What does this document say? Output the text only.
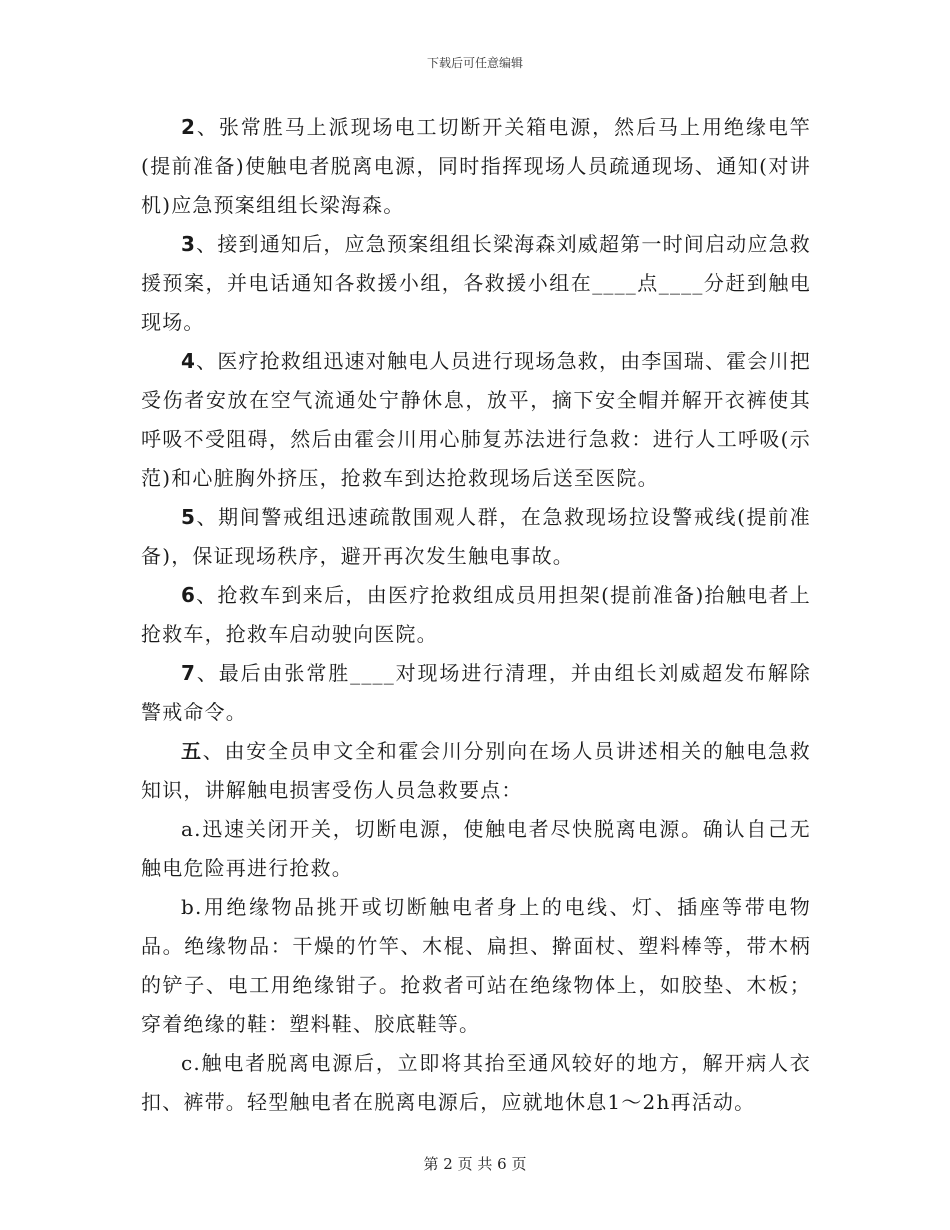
下载后可任意编辑

2、张常胜马上派现场电工切断开关箱电源，然后马上用绝缘电竿(提前准备)使触电者脱离电源，同时指挥现场人员疏通现场、通知(对讲机)应急预案组组长梁海森。

3、接到通知后，应急预案组组长梁海森刘威超第一时间启动应急救援预案，并电话通知各救援小组，各救援小组在____点____分赶到触电现场。

4、医疗抢救组迅速对触电人员进行现场急救，由李国瑞、霍会川把受伤者安放在空气流通处宁静休息，放平，摘下安全帽并解开衣裤使其呼吸不受阻碍，然后由霍会川用心肺复苏法进行急救：进行人工呼吸(示范)和心脏胸外挤压，抢救车到达抢救现场后送至医院。

5、期间警戒组迅速疏散围观人群，在急救现场拉设警戒线(提前准备)，保证现场秩序，避开再次发生触电事故。

6、抢救车到来后，由医疗抢救组成员用担架(提前准备)抬触电者上抢救车，抢救车启动驶向医院。

7、最后由张常胜____对现场进行清理，并由组长刘威超发布解除警戒命令。

五、由安全员申文全和霍会川分别向在场人员讲述相关的触电急救知识，讲解触电损害受伤人员急救要点：

a.迅速关闭开关，切断电源，使触电者尽快脱离电源。确认自己无触电危险再进行抢救。

b.用绝缘物品挑开或切断触电者身上的电线、灯、插座等带电物品。绝缘物品：干燥的竹竿、木棍、扁担、擀面杖、塑料棒等，带木柄的铲子、电工用绝缘钳子。抢救者可站在绝缘物体上，如胶垫、木板；穿着绝缘的鞋：塑料鞋、胶底鞋等。

c.触电者脱离电源后，立即将其抬至通风较好的地方，解开病人衣扣、裤带。轻型触电者在脱离电源后，应就地休息1～2h再活动。

第 2 页 共 6 页
